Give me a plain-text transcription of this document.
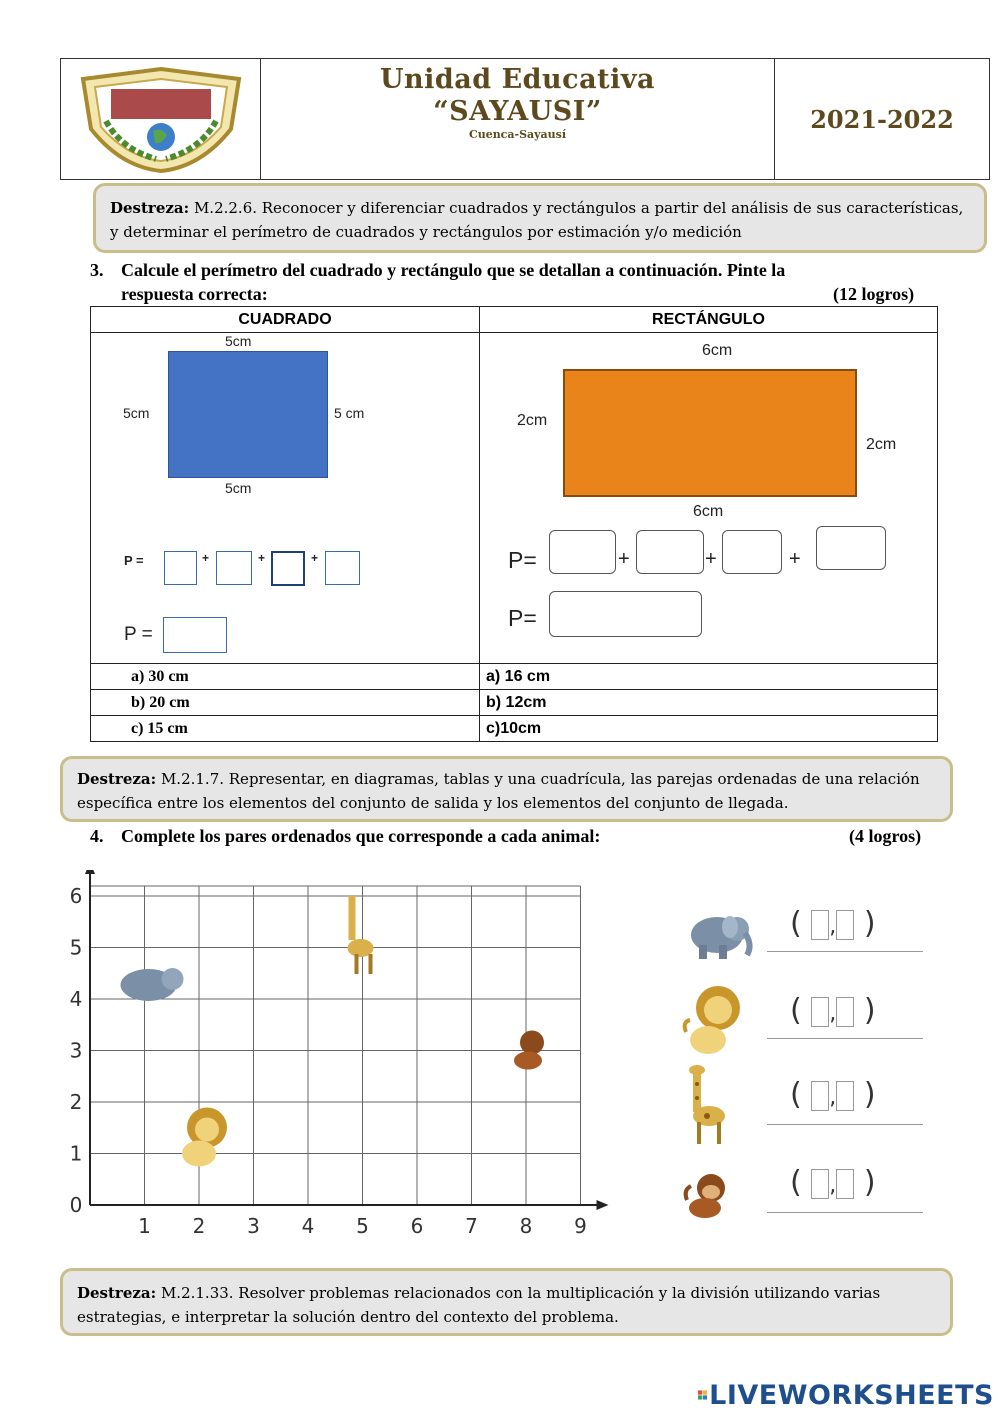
Unidad Educativa
“SAYAUSI”
Cuenca-Sayausí
2021-2022
Destreza: M.2.2.6. Reconocer y diferenciar cuadrados y rectángulos a partir del análisis de sus características, y determinar el perímetro de cuadrados y rectángulos por estimación y/o medición
3. Calcule el perímetro del cuadrado y rectángulo que se detallan a continuación. Pinte la
respuesta correcta:	(12 logros)
CUADRADO	RECTÁNGULO

a) 30 cm	a) 16 cm
b) 20 cm	b) 12cm
c) 15 cm	c)10cm
5cm
5cm	5 cm
5cm
P =	+	+	+
P =
6cm
2cm
2cm
6cm
P=	+	+	+
P=
Destreza: M.2.1.7. Representar, en diagramas, tablas y una cuadrícula, las parejas ordenadas de una relación específica entre los elementos del conjunto de salida y los elementos del conjunto de llegada.
4. Complete los pares ordenados que corresponde a cada animal:	(4 logros)
1 2 3 4 5 6 7 8 9
0
1
2
3
4
5
6
( , )
( , )
( , )
( , )
Destreza: M.2.1.33. Resolver problemas relacionados con la multiplicación y la división utilizando varias estrategias, e interpretar la solución dentro del contexto del problema.
LIVEWORKSHEETS
